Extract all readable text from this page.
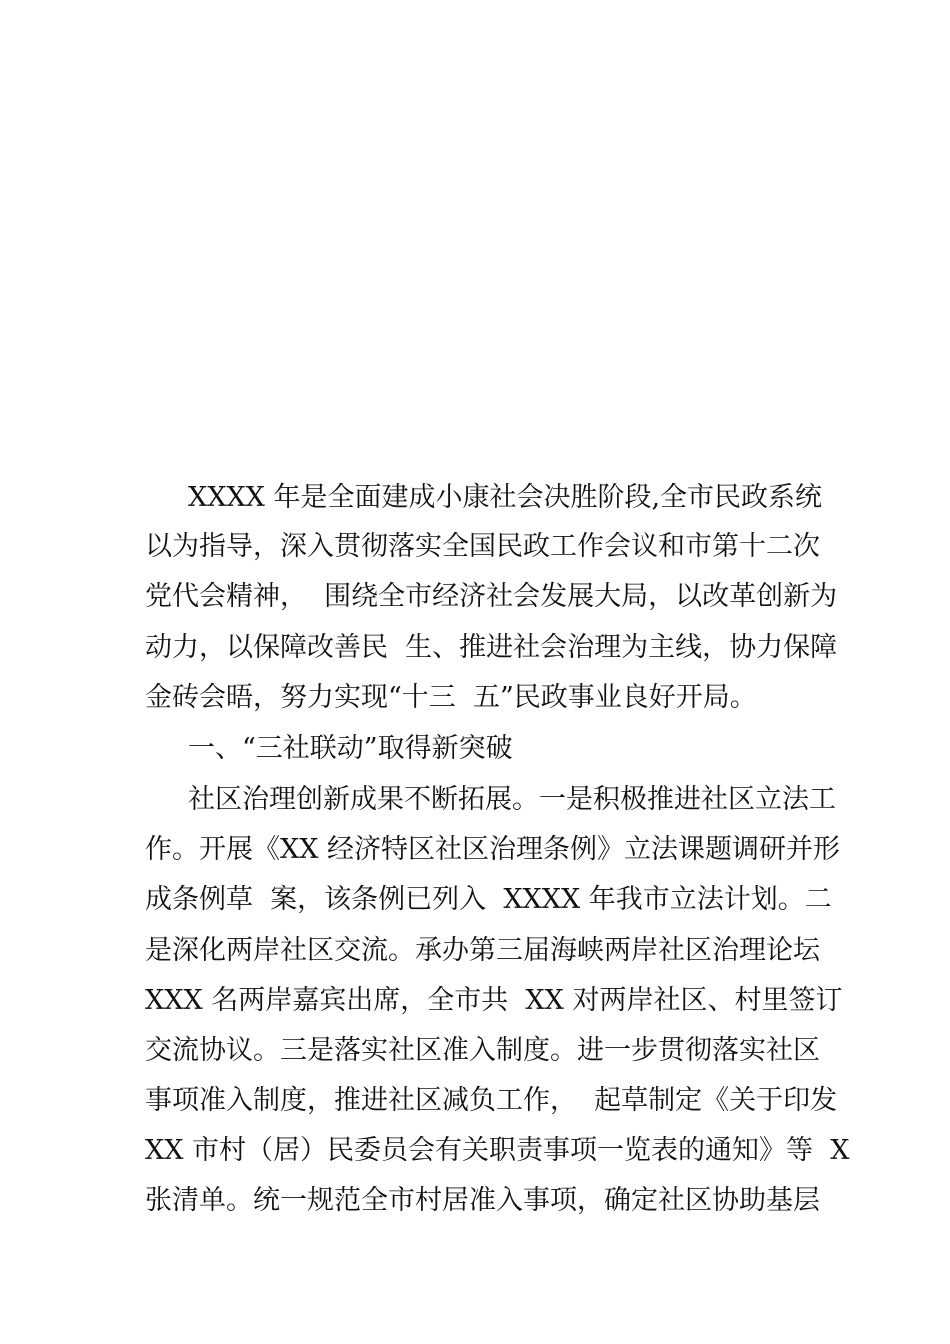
XXXX 年是全面建成小康社会决胜阶段,全市民政系统
以为指导，深入贯彻落实全国民政工作会议和市第十二次
党代会精神，  围绕全市经济社会发展大局，以改革创新为
动力，以保障改善民  生、推进社会治理为主线，协力保障
金砖会晤，努力实现“十三  五”民政事业良好开局。
一、“三社联动”取得新突破
社区治理创新成果不断拓展。一是积极推进社区立法工
作。开展《XX 经济特区社区治理条例》立法课题调研并形
成条例草  案，该条例已列入  XXXX 年我市立法计划。二
是深化两岸社区交流。承办第三届海峡两岸社区治理论坛
XXX 名两岸嘉宾出席，全市共  XX 对两岸社区、村里签订
交流协议。三是落实社区准入制度。进一步贯彻落实社区
事项准入制度，推进社区减负工作，  起草制定《关于印发
XX 市村（居）民委员会有关职责事项一览表的通知》等  X
张清单。统一规范全市村居准入事项，确定社区协助基层
